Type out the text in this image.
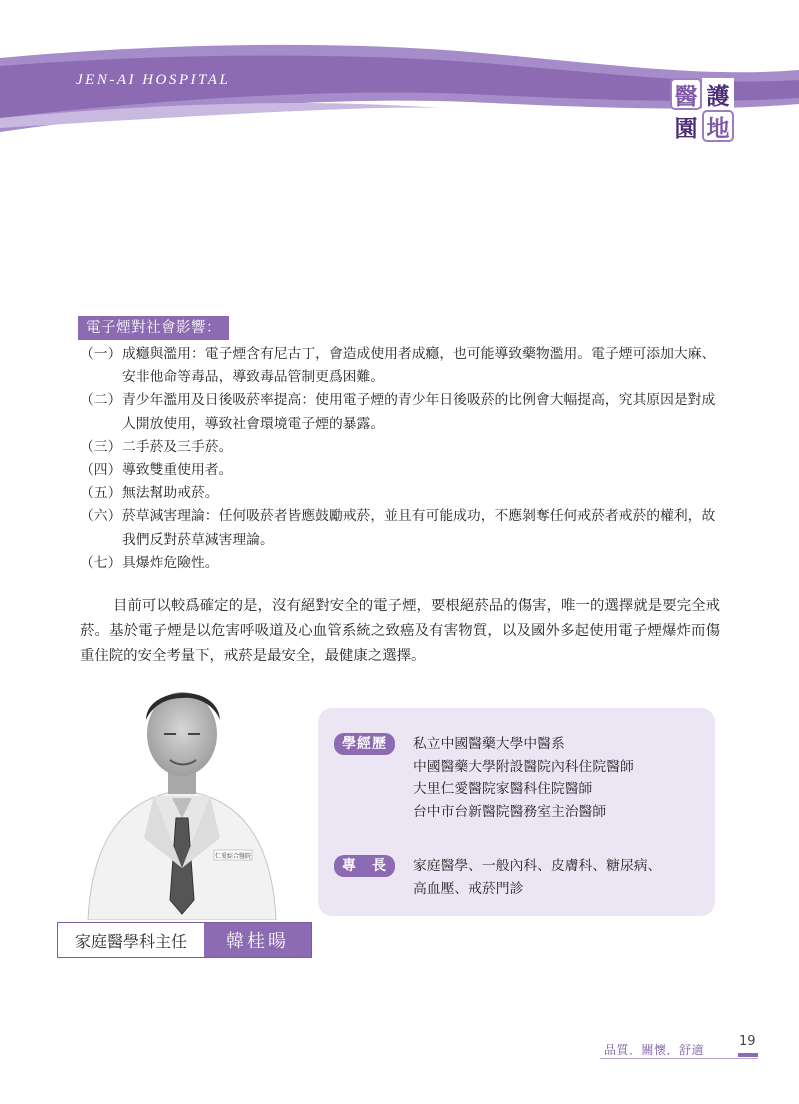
JEN-AI HOSPITAL
醫 護
園 地
電子煙對社會影響：
（一） 成癮與濫用：電子煙含有尼古丁，會造成使用者成癮，也可能導致藥物濫用。電子煙可添加大麻、安非他命等毒品，導致毒品管制更爲困難。
（二） 青少年濫用及日後吸菸率提高：使用電子煙的青少年日後吸菸的比例會大幅提高，究其原因是對成人開放使用，導致社會環境電子煙的暴露。
（三） 二手菸及三手菸。
（四） 導致雙重使用者。
（五） 無法幫助戒菸。
（六） 菸草減害理論：任何吸菸者皆應鼓勵戒菸，並且有可能成功，不應剝奪任何戒菸者戒菸的權利，故我們反對菸草減害理論。
（七） 具爆炸危險性。

目前可以較爲確定的是，沒有絕對安全的電子煙，要根絕菸品的傷害，唯一的選擇就是要完全戒菸。基於電子煙是以危害呼吸道及心血管系統之致癌及有害物質，以及國外多起使用電子煙爆炸而傷重住院的安全考量下，戒菸是最安全，最健康之選擇。

仁愛綜合醫院
家庭醫學科主任	韓桂暘
學經歷	私立中國醫藥大學中醫系
中國醫藥大學附設醫院內科住院醫師
大里仁愛醫院家醫科住院醫師
台中市台新醫院醫務室主治醫師
專　長	家庭醫學、一般內科、皮膚科、糖尿病、
高血壓、戒菸門診
品質．關懷．舒適
19
